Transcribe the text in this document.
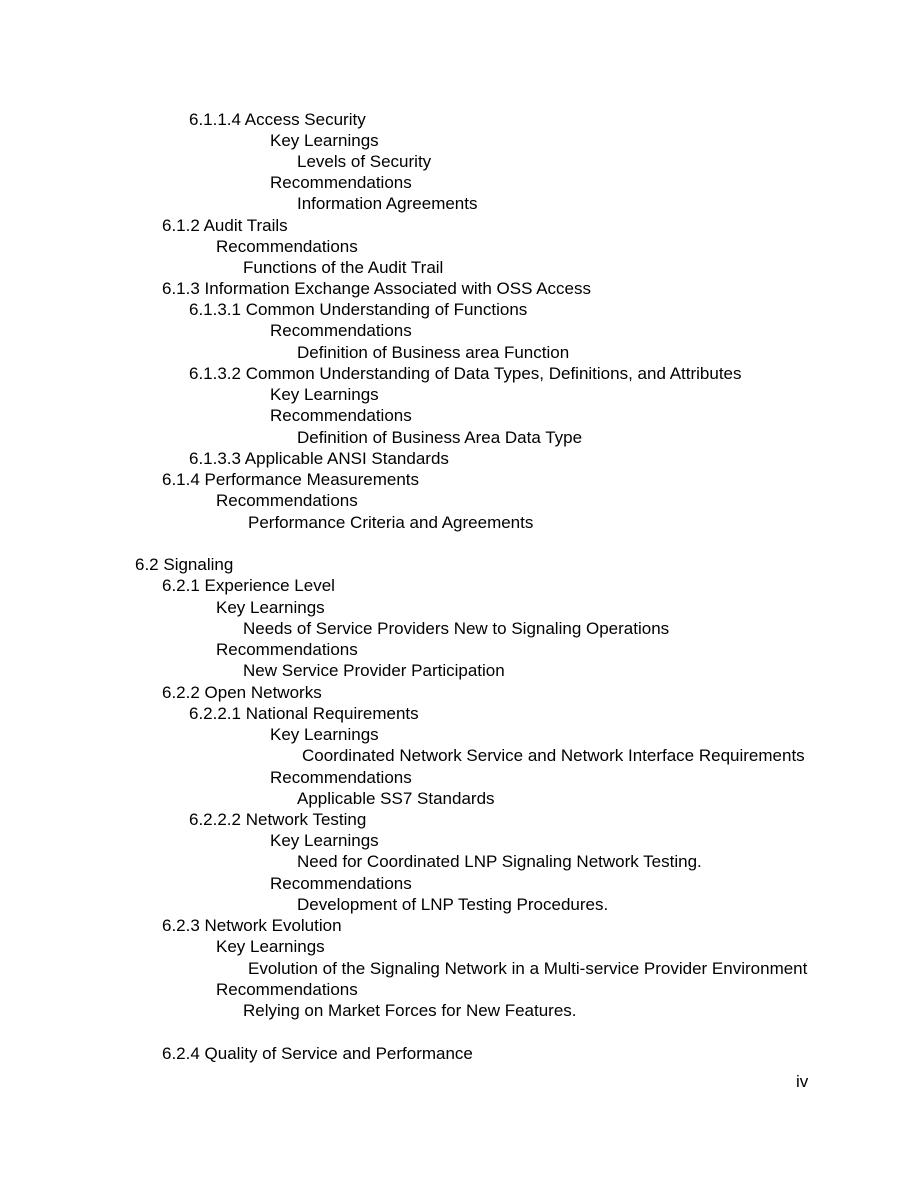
6.1.1.4 Access Security
Key Learnings
Levels of Security
Recommendations
Information Agreements
6.1.2 Audit Trails
Recommendations
Functions of the Audit Trail
6.1.3 Information Exchange Associated with OSS Access
6.1.3.1 Common Understanding of Functions
Recommendations
Definition of Business area Function
6.1.3.2 Common Understanding of Data Types, Definitions, and Attributes
Key Learnings
Recommendations
Definition of Business Area Data Type
6.1.3.3 Applicable ANSI Standards
6.1.4 Performance Measurements
Recommendations
Performance Criteria and Agreements
6.2 Signaling
6.2.1 Experience Level
Key Learnings
Needs of Service Providers New to Signaling Operations
Recommendations
New Service Provider Participation
6.2.2 Open Networks
6.2.2.1 National Requirements
Key Learnings
Coordinated Network Service and Network Interface Requirements
Recommendations
Applicable SS7 Standards
6.2.2.2 Network Testing
Key Learnings
Need for Coordinated LNP Signaling Network Testing.
Recommendations
Development of LNP Testing Procedures.
6.2.3 Network Evolution
Key Learnings
Evolution of the Signaling Network in a Multi-service Provider Environment
Recommendations
Relying on Market Forces for New Features.
6.2.4 Quality of Service and Performance
iv
